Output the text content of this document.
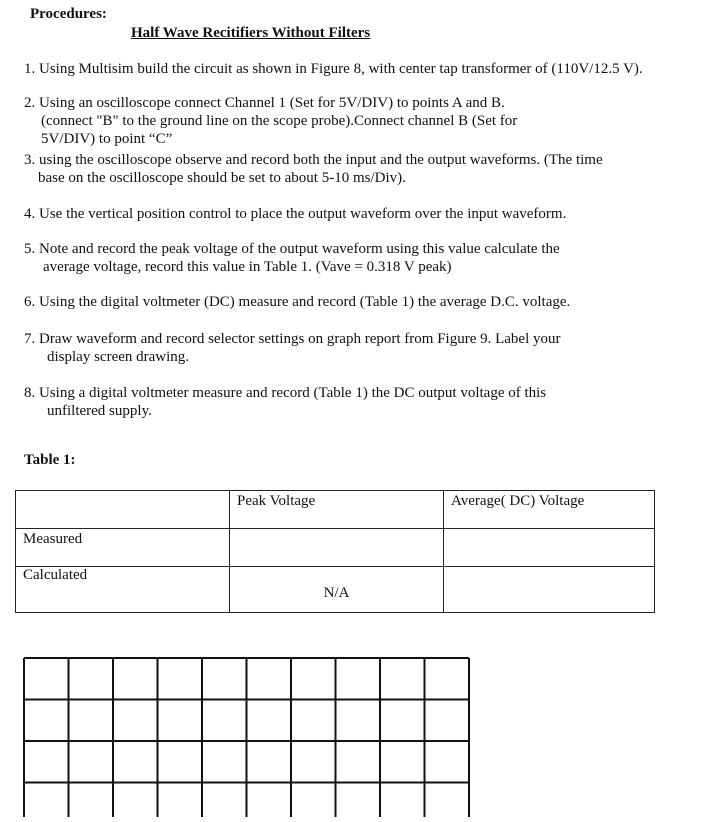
Procedures:
Half Wave Recitifiers Without Filters
1. Using Multisim build the circuit as shown in Figure 8, with center tap transformer of (110V/12.5 V).
2. Using an oscilloscope connect Channel 1 (Set for 5V/DIV) to points A and B.
(connect "B" to the ground line on the scope probe).Connect channel B (Set for
5V/DIV) to point “C”
3. using the oscilloscope observe and record both the input and the output waveforms. (The time
base on the oscilloscope should be set to about 5-10 ms/Div).
4. Use the vertical position control to place the output waveform over the input waveform.
5. Note and record the peak voltage of the output waveform using this value calculate the
average voltage, record this value in Table 1. (Vave = 0.318 V peak)
6. Using the digital voltmeter (DC) measure and record (Table 1) the average D.C. voltage.
7. Draw waveform and record selector settings on graph report from Figure 9. Label your
display screen drawing.
8. Using a digital voltmeter measure and record (Table 1) the DC output voltage of this
unfiltered supply.
Table 1:
	Peak Voltage	Average( DC) Voltage
Measured		
Calculated	N/A	
